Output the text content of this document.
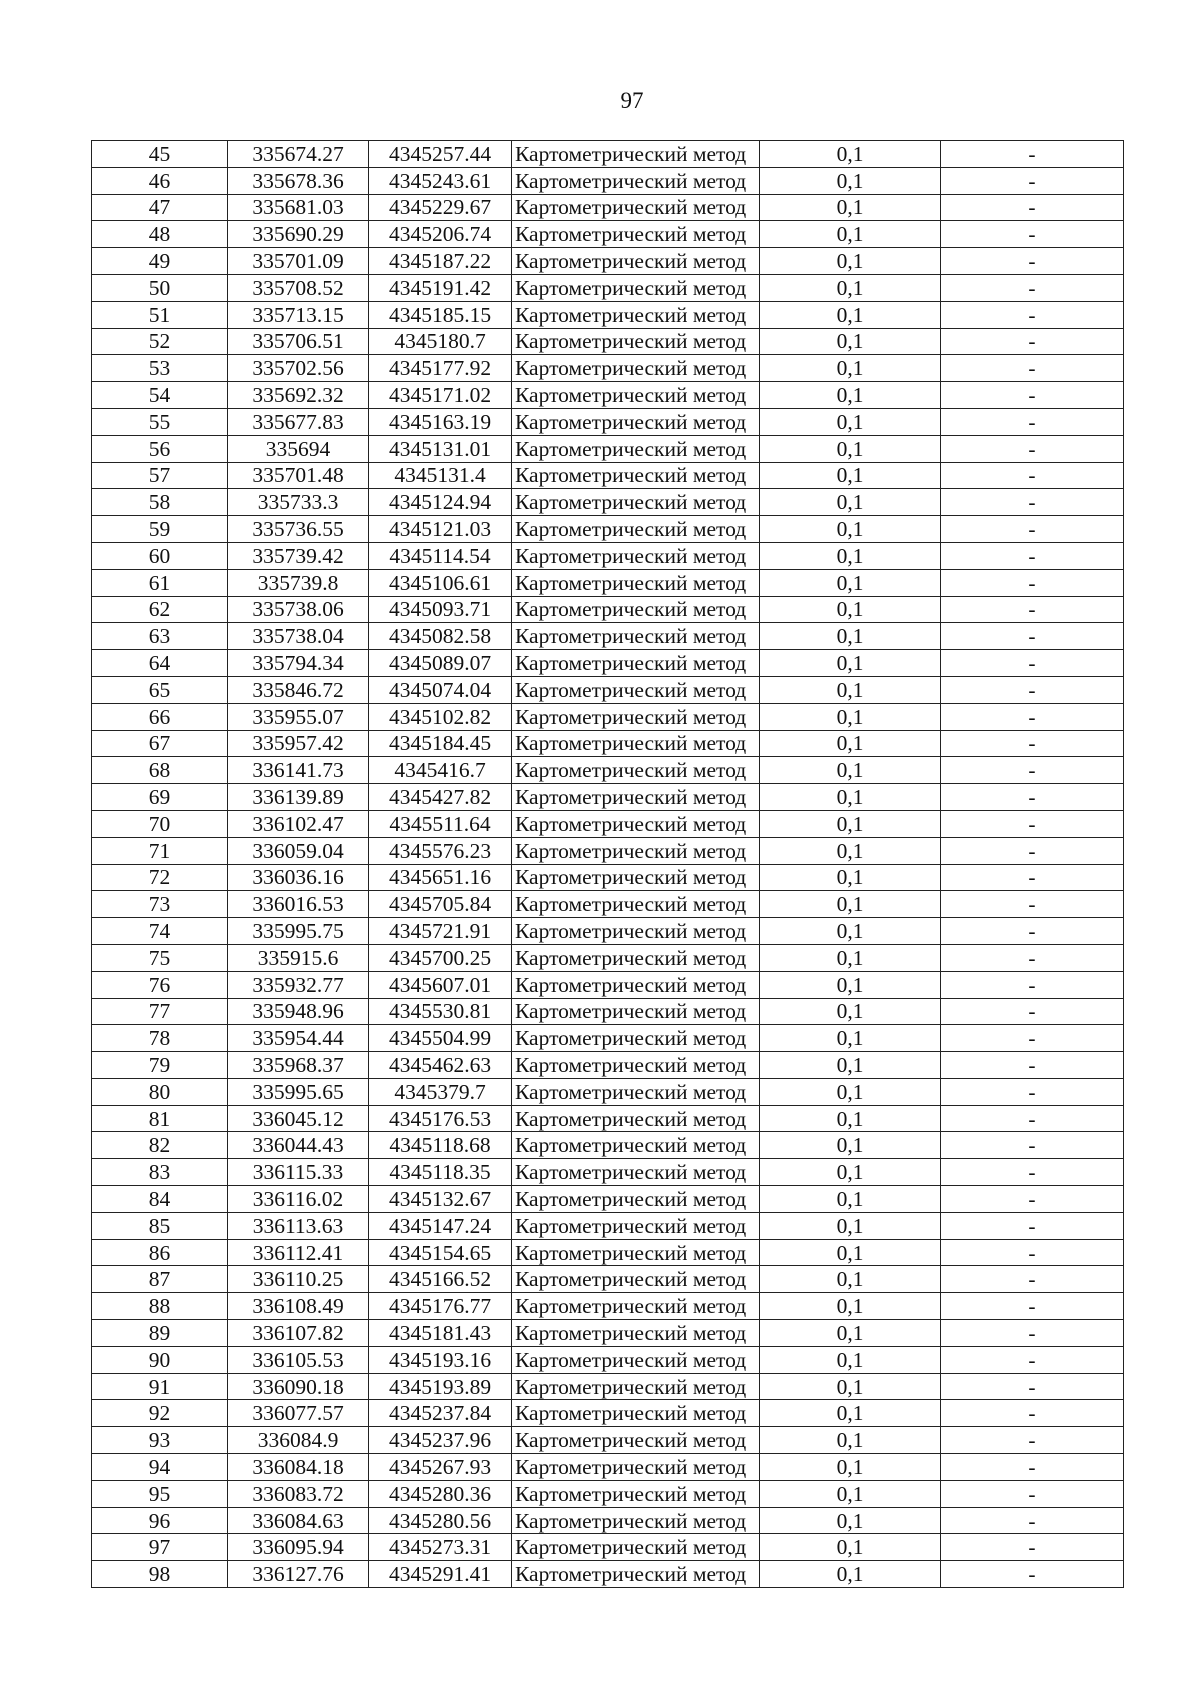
97
45	335674.27	4345257.44	Картометрический метод	0,1	-
46	335678.36	4345243.61	Картометрический метод	0,1	-
47	335681.03	4345229.67	Картометрический метод	0,1	-
48	335690.29	4345206.74	Картометрический метод	0,1	-
49	335701.09	4345187.22	Картометрический метод	0,1	-
50	335708.52	4345191.42	Картометрический метод	0,1	-
51	335713.15	4345185.15	Картометрический метод	0,1	-
52	335706.51	4345180.7	Картометрический метод	0,1	-
53	335702.56	4345177.92	Картометрический метод	0,1	-
54	335692.32	4345171.02	Картометрический метод	0,1	-
55	335677.83	4345163.19	Картометрический метод	0,1	-
56	335694	4345131.01	Картометрический метод	0,1	-
57	335701.48	4345131.4	Картометрический метод	0,1	-
58	335733.3	4345124.94	Картометрический метод	0,1	-
59	335736.55	4345121.03	Картометрический метод	0,1	-
60	335739.42	4345114.54	Картометрический метод	0,1	-
61	335739.8	4345106.61	Картометрический метод	0,1	-
62	335738.06	4345093.71	Картометрический метод	0,1	-
63	335738.04	4345082.58	Картометрический метод	0,1	-
64	335794.34	4345089.07	Картометрический метод	0,1	-
65	335846.72	4345074.04	Картометрический метод	0,1	-
66	335955.07	4345102.82	Картометрический метод	0,1	-
67	335957.42	4345184.45	Картометрический метод	0,1	-
68	336141.73	4345416.7	Картометрический метод	0,1	-
69	336139.89	4345427.82	Картометрический метод	0,1	-
70	336102.47	4345511.64	Картометрический метод	0,1	-
71	336059.04	4345576.23	Картометрический метод	0,1	-
72	336036.16	4345651.16	Картометрический метод	0,1	-
73	336016.53	4345705.84	Картометрический метод	0,1	-
74	335995.75	4345721.91	Картометрический метод	0,1	-
75	335915.6	4345700.25	Картометрический метод	0,1	-
76	335932.77	4345607.01	Картометрический метод	0,1	-
77	335948.96	4345530.81	Картометрический метод	0,1	-
78	335954.44	4345504.99	Картометрический метод	0,1	-
79	335968.37	4345462.63	Картометрический метод	0,1	-
80	335995.65	4345379.7	Картометрический метод	0,1	-
81	336045.12	4345176.53	Картометрический метод	0,1	-
82	336044.43	4345118.68	Картометрический метод	0,1	-
83	336115.33	4345118.35	Картометрический метод	0,1	-
84	336116.02	4345132.67	Картометрический метод	0,1	-
85	336113.63	4345147.24	Картометрический метод	0,1	-
86	336112.41	4345154.65	Картометрический метод	0,1	-
87	336110.25	4345166.52	Картометрический метод	0,1	-
88	336108.49	4345176.77	Картометрический метод	0,1	-
89	336107.82	4345181.43	Картометрический метод	0,1	-
90	336105.53	4345193.16	Картометрический метод	0,1	-
91	336090.18	4345193.89	Картометрический метод	0,1	-
92	336077.57	4345237.84	Картометрический метод	0,1	-
93	336084.9	4345237.96	Картометрический метод	0,1	-
94	336084.18	4345267.93	Картометрический метод	0,1	-
95	336083.72	4345280.36	Картометрический метод	0,1	-
96	336084.63	4345280.56	Картометрический метод	0,1	-
97	336095.94	4345273.31	Картометрический метод	0,1	-
98	336127.76	4345291.41	Картометрический метод	0,1	-
